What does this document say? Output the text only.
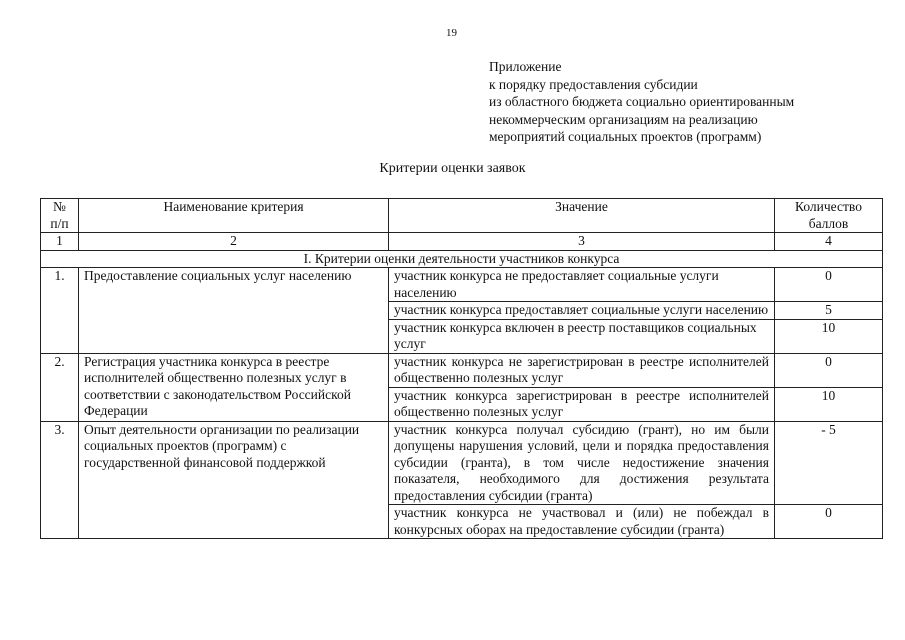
19
Приложение
к порядку предоставления субсидии
из областного бюджета социально ориентированным
некоммерческим организациям на реализацию
мероприятий социальных проектов (программ)
Критерии оценки заявок
№ п/п	Наименование критерия	Значение	Количество баллов
1	2	3	4
I. Критерии оценки деятельности участников конкурса			
1.	Предоставление социальных услуг населению	участник конкурса не предоставляет социальные услуги населению	0
		участник конкурса предоставляет социальные услуги населению	5
		участник конкурса включен в реестр поставщиков социальных услуг	10
2.	Регистрация участника конкурса в реестре исполнителей общественно полезных услуг в соответствии с законодательством Российской Федерации	участник конкурса не зарегистрирован в реестре исполнителей общественно полезных услуг	0
		участник конкурса зарегистрирован в реестре исполнителей общественно полезных услуг	10
3.	Опыт деятельности организации по реализации социальных проектов (программ) с государственной финансовой поддержкой	участник конкурса получал субсидию (грант), но им были допущены нарушения условий, цели и порядка предоставления субсидии (гранта), в том числе недостижение значения показателя, необходимого для достижения результата предоставления субсидии (гранта)	- 5
		участник конкурса не участвовал и (или) не побеждал в конкурсных оборах на предоставление субсидии (гранта)	0
